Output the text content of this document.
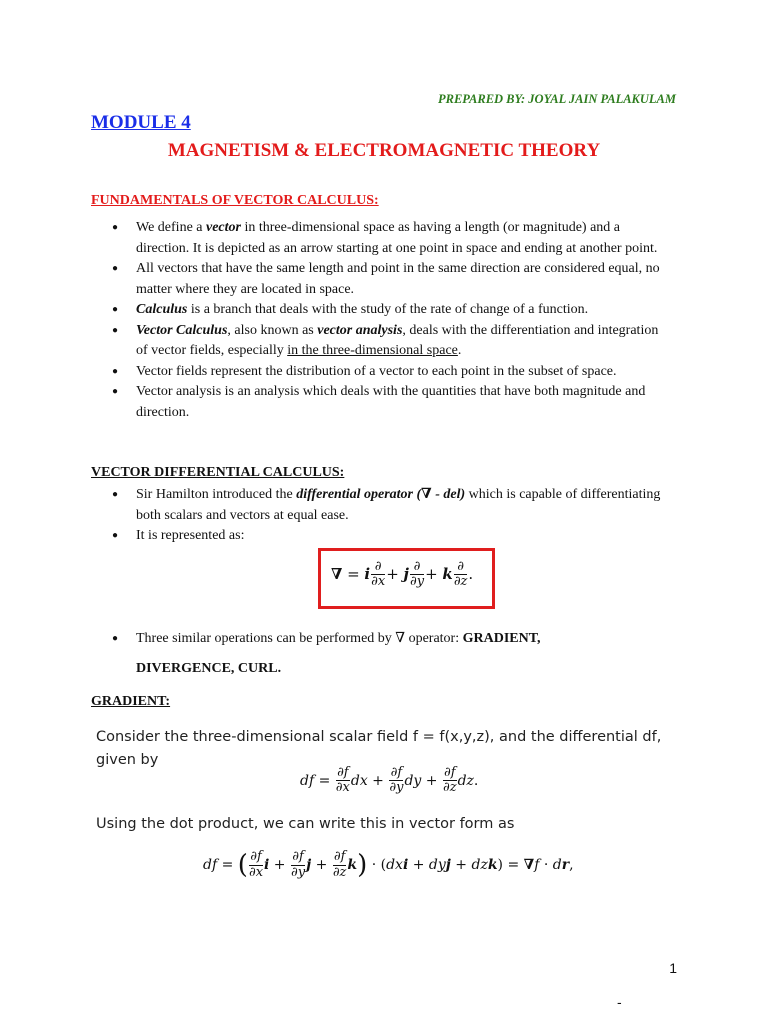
PREPARED BY: JOYAL JAIN PALAKULAM
MODULE 4
MAGNETISM & ELECTROMAGNETIC THEORY
FUNDAMENTALS OF VECTOR CALCULUS:
● We define a vector in three-dimensional space as having a length (or magnitude) and a direction. It is depicted as an arrow starting at one point in space and ending at another point.
● All vectors that have the same length and point in the same direction are considered equal, no matter where they are located in space.
● Calculus is a branch that deals with the study of the rate of change of a function.
● Vector Calculus, also known as vector analysis, deals with the differentiation and integration of vector fields, especially in the three-dimensional space.
● Vector fields represent the distribution of a vector to each point in the subset of space.
● Vector analysis is an analysis which deals with the quantities that have both magnitude and direction.
VECTOR DIFFERENTIAL CALCULUS:
● Sir Hamilton introduced the differential operator (∇ - del) which is capable of differentiating both scalars and vectors at equal ease.
● It is represented as:
∇ = i $\frac{\partial}{\partial x} + j \frac{\partial}{\partial y} + k \frac{\partial}{\partial z}$ .
● Three similar operations can be performed by ∇ operator: GRADIENT, DIVERGENCE, CURL.
GRADIENT:
Consider the three-dimensional scalar field f = f(x,y,z), and the differential df, given by
df = $\frac{\partial f}{\partial x}$ dx + $\frac{\partial f}{\partial y}$ dy + $\frac{\partial f}{\partial z}$ dz.
Using the dot product, we can write this in vector form as
df = ( $\frac{\partial f}{\partial x}$ $i + \frac{\partial f}{\partial y}$ $j + \frac{\partial f}{\partial z} k) \cdot (dxi$ + dyj + dzk) = ∇f · dr,
1
-
